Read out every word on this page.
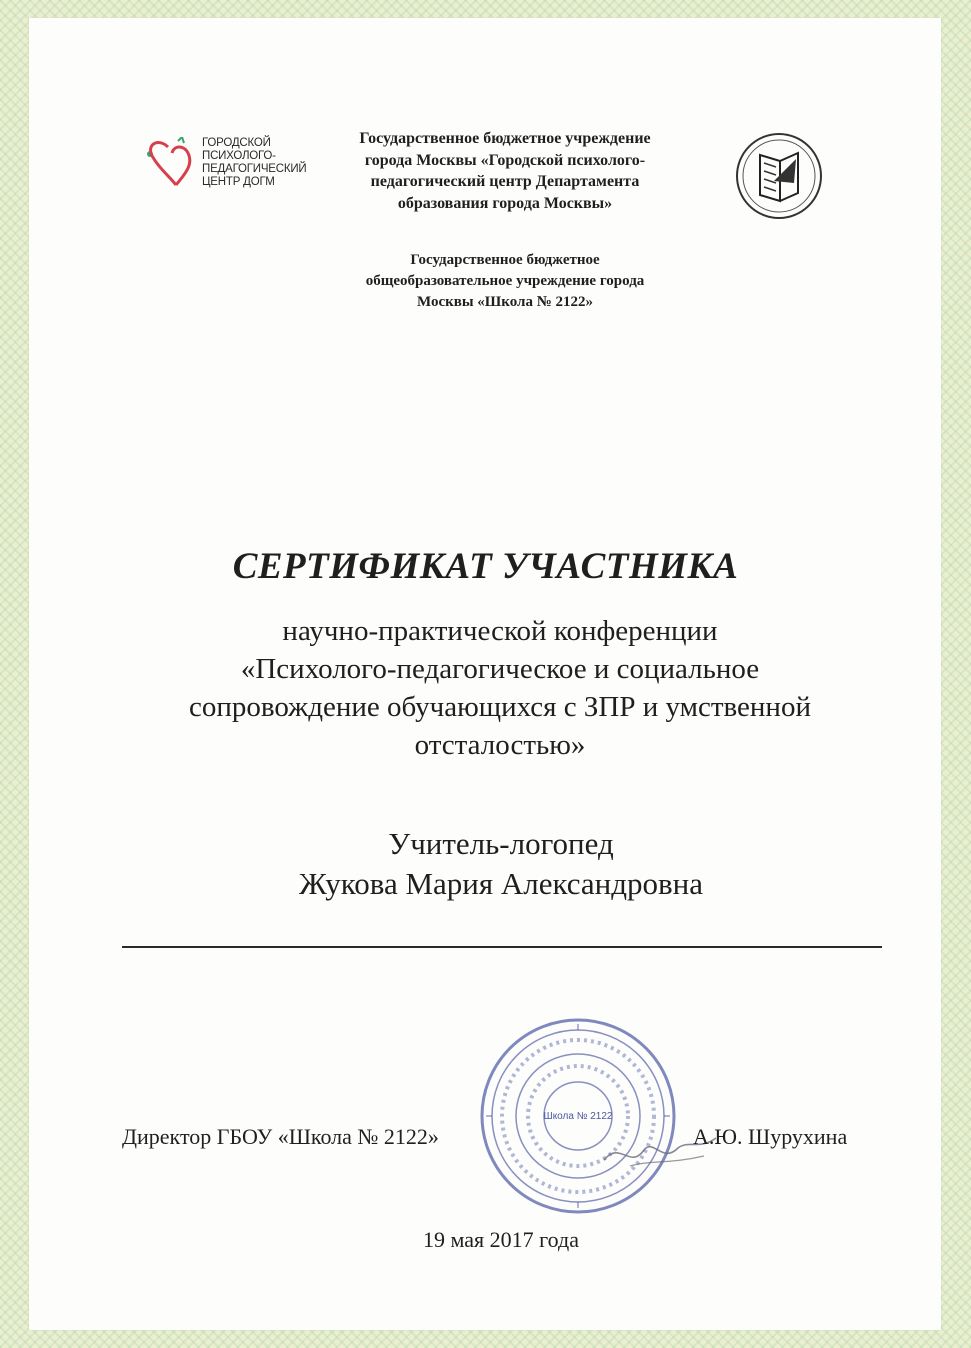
ГОРОДСКОЙ
ПСИХОЛОГО-
ПЕДАГОГИЧЕСКИЙ
ЦЕНТР ДОГМ
Государственное бюджетное учреждение
города Москвы «Городской психолого-
педагогический центр Департамента
образования города Москвы»
Государственное бюджетное
общеобразовательное учреждение города
Москвы «Школа № 2122»
СЕРТИФИКАТ УЧАСТНИКА
научно-практической конференции
«Психолого-педагогическое и социальное
сопровождение обучающихся с ЗПР и умственной
отсталостью»
Учитель-логопед
Жукова Мария Александровна
Школа № 2122
Директор ГБОУ «Школа № 2122»	А.Ю. Шурухина
19 мая 2017 года
